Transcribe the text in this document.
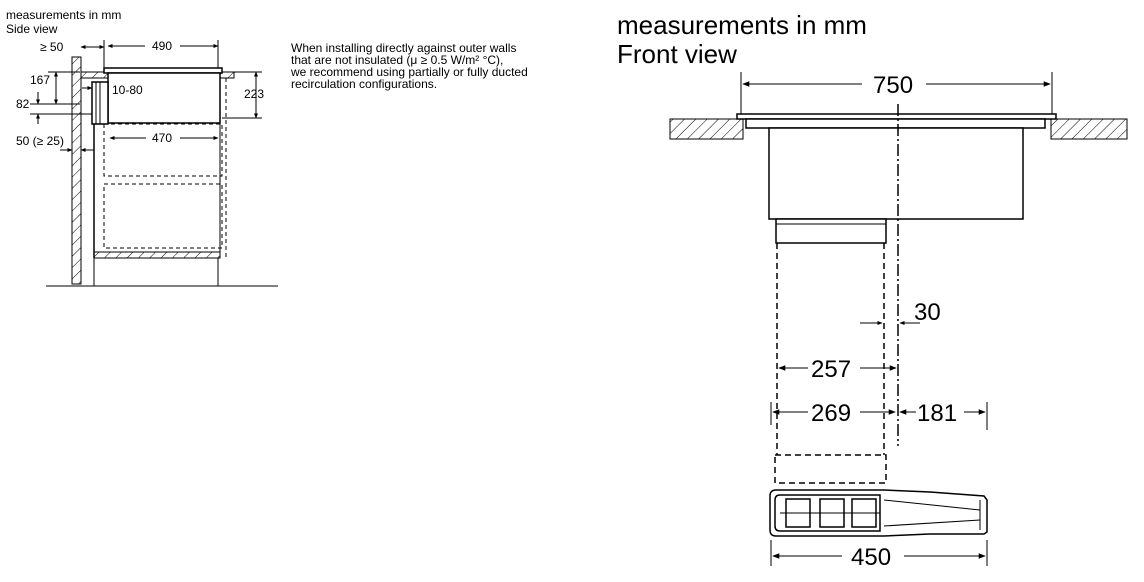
measurements in mm
Side view
≥ 50	490
470
167
82
10-80	223
50 (≥ 25)
When installing directly against outer walls
that are not insulated (μ ≥ 0.5 W/m² °C),
we recommend using partially or fully ducted
recirculation configurations.
measurements in mm
Front view
750
30
257
269	181
450
